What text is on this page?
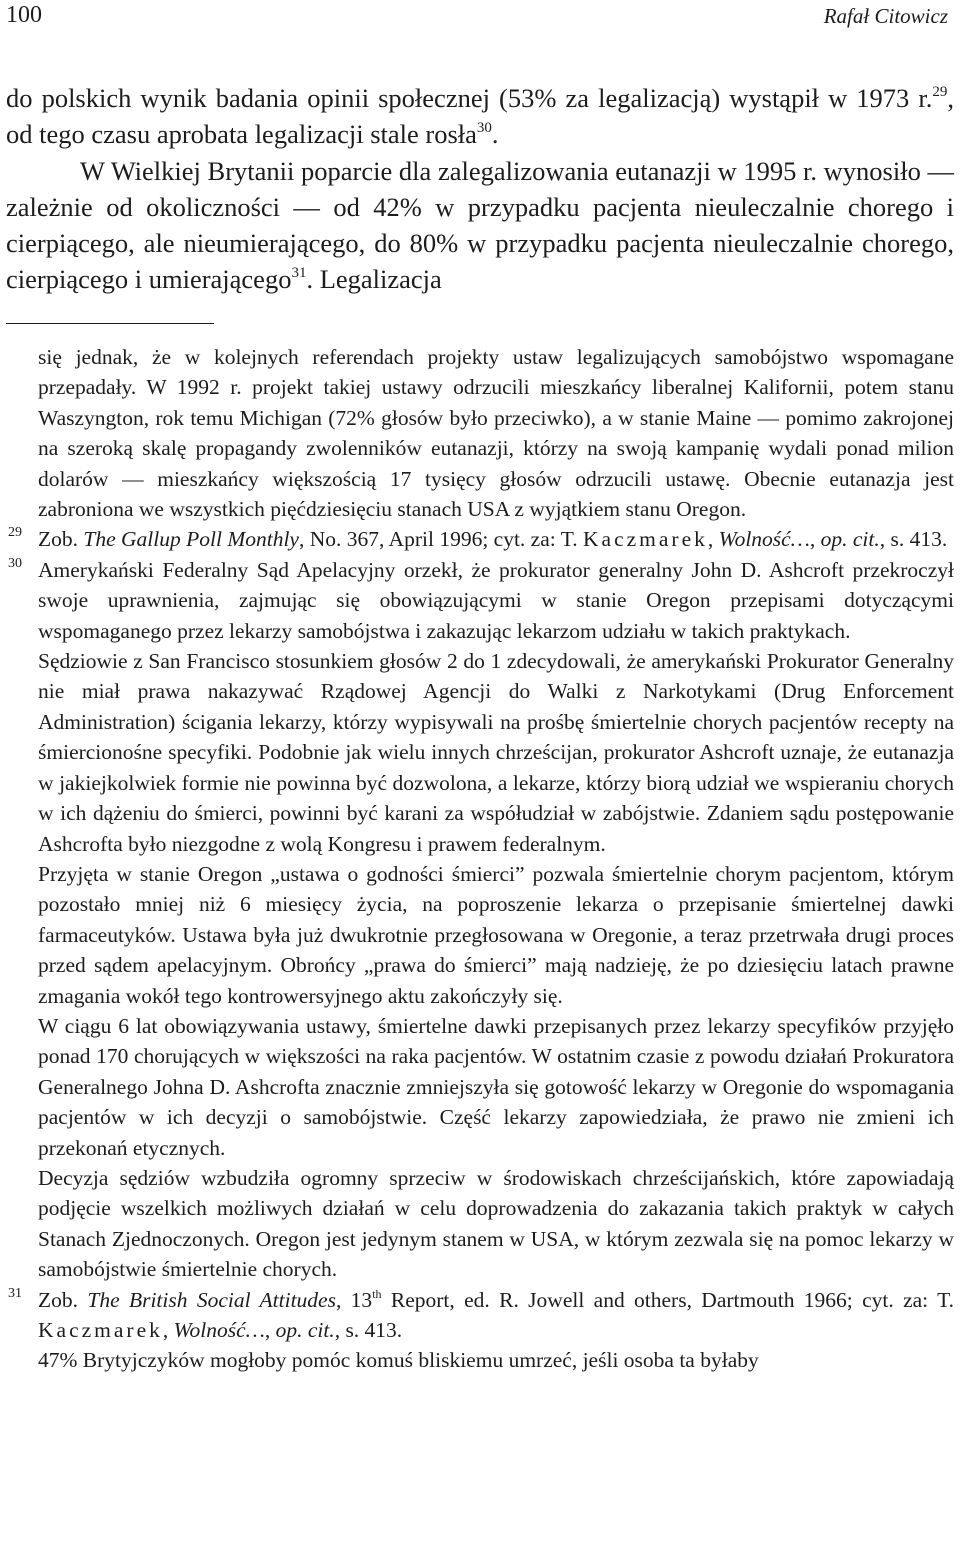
100	Rafał Citowicz

do polskich wynik badania opinii społecznej (53% za legalizacją) wystąpił w 1973 r.$^{29}$, od tego czasu aprobata legalizacji stale rosła$^{30}$.

W Wielkiej Brytanii poparcie dla zalegalizowania eutanazji w 1995 r. wynosiło — zależnie od okoliczności — od 42% w przypadku pacjenta nieuleczalnie chorego i cierpiącego, ale nieumierającego, do 80% w przypadku pacjenta nieuleczalnie chorego, cierpiącego i umierającego$^{31}$. Legalizacja

się jednak, że w kolejnych referendach projekty ustaw legalizujących samobójstwo wspomagane przepadały. W 1992 r. projekt takiej ustawy odrzucili mieszkańcy liberalnej Kalifornii, potem stanu Waszyngton, rok temu Michigan (72% głosów było przeciwko), a w stanie Maine — pomimo zakrojonej na szeroką skalę propagandy zwolenników eutanazji, którzy na swoją kampanię wydali ponad milion dolarów — mieszkańcy większością 17 tysięcy głosów odrzucili ustawę. Obecnie eutanazja jest zabroniona we wszystkich pięćdziesięciu stanach USA z wyjątkiem stanu Oregon.

29 Zob. The Gallup Poll Monthly, No. 367, April 1996; cyt. za: T. Kaczmarek, Wolność…, op. cit., s. 413.

30 Amerykański Federalny Sąd Apelacyjny orzekł, że prokurator generalny John D. Ashcroft przekroczył swoje uprawnienia, zajmując się obowiązującymi w stanie Oregon przepisami dotyczącymi wspomaganego przez lekarzy samobójstwa i zakazując lekarzom udziału w takich praktykach.

Sędziowie z San Francisco stosunkiem głosów 2 do 1 zdecydowali, że amerykański Prokurator Generalny nie miał prawa nakazywać Rządowej Agencji do Walki z Narkotykami (Drug Enforcement Administration) ścigania lekarzy, którzy wypisywali na prośbę śmiertelnie chorych pacjentów recepty na śmiercionośne specyfiki. Podobnie jak wielu innych chrześcijan, prokurator Ashcroft uznaje, że eutanazja w jakiejkolwiek formie nie powinna być dozwolona, a lekarze, którzy biorą udział we wspieraniu chorych w ich dążeniu do śmierci, powinni być karani za współudział w zabójstwie. Zdaniem sądu postępowanie Ashcrofta było niezgodne z wolą Kongresu i prawem federalnym.

Przyjęta w stanie Oregon „ustawa o godności śmierci” pozwala śmiertelnie chorym pacjentom, którym pozostało mniej niż 6 miesięcy życia, na poproszenie lekarza o przepisanie śmiertelnej dawki farmaceutyków. Ustawa była już dwukrotnie przegłosowana w Oregonie, a teraz przetrwała drugi proces przed sądem apelacyjnym. Obrońcy „prawa do śmierci” mają nadzieję, że po dziesięciu latach prawne zmagania wokół tego kontrowersyjnego aktu zakończyły się.

W ciągu 6 lat obowiązywania ustawy, śmiertelne dawki przepisanych przez lekarzy specyfików przyjęło ponad 170 chorujących w większości na raka pacjentów. W ostatnim czasie z powodu działań Prokuratora Generalnego Johna D. Ashcrofta znacznie zmniejszyła się gotowość lekarzy w Oregonie do wspomagania pacjentów w ich decyzji o samobójstwie. Część lekarzy zapowiedziała, że prawo nie zmieni ich przekonań etycznych.

Decyzja sędziów wzbudziła ogromny sprzeciw w środowiskach chrześcijańskich, które zapowiadają podjęcie wszelkich możliwych działań w celu doprowadzenia do zakazania takich praktyk w całych Stanach Zjednoczonych. Oregon jest jedynym stanem w USA, w którym zezwala się na pomoc lekarzy w samobójstwie śmiertelnie chorych.

31 Zob. The British Social Attitudes, 13th Report, ed. R. Jowell and others, Dartmouth 1966; cyt. za: T. Kaczmarek, Wolność…, op. cit., s. 413.

47% Brytyjczyków mogłoby pomóc komuś bliskiemu umrzeć, jeśli osoba ta byłaby
